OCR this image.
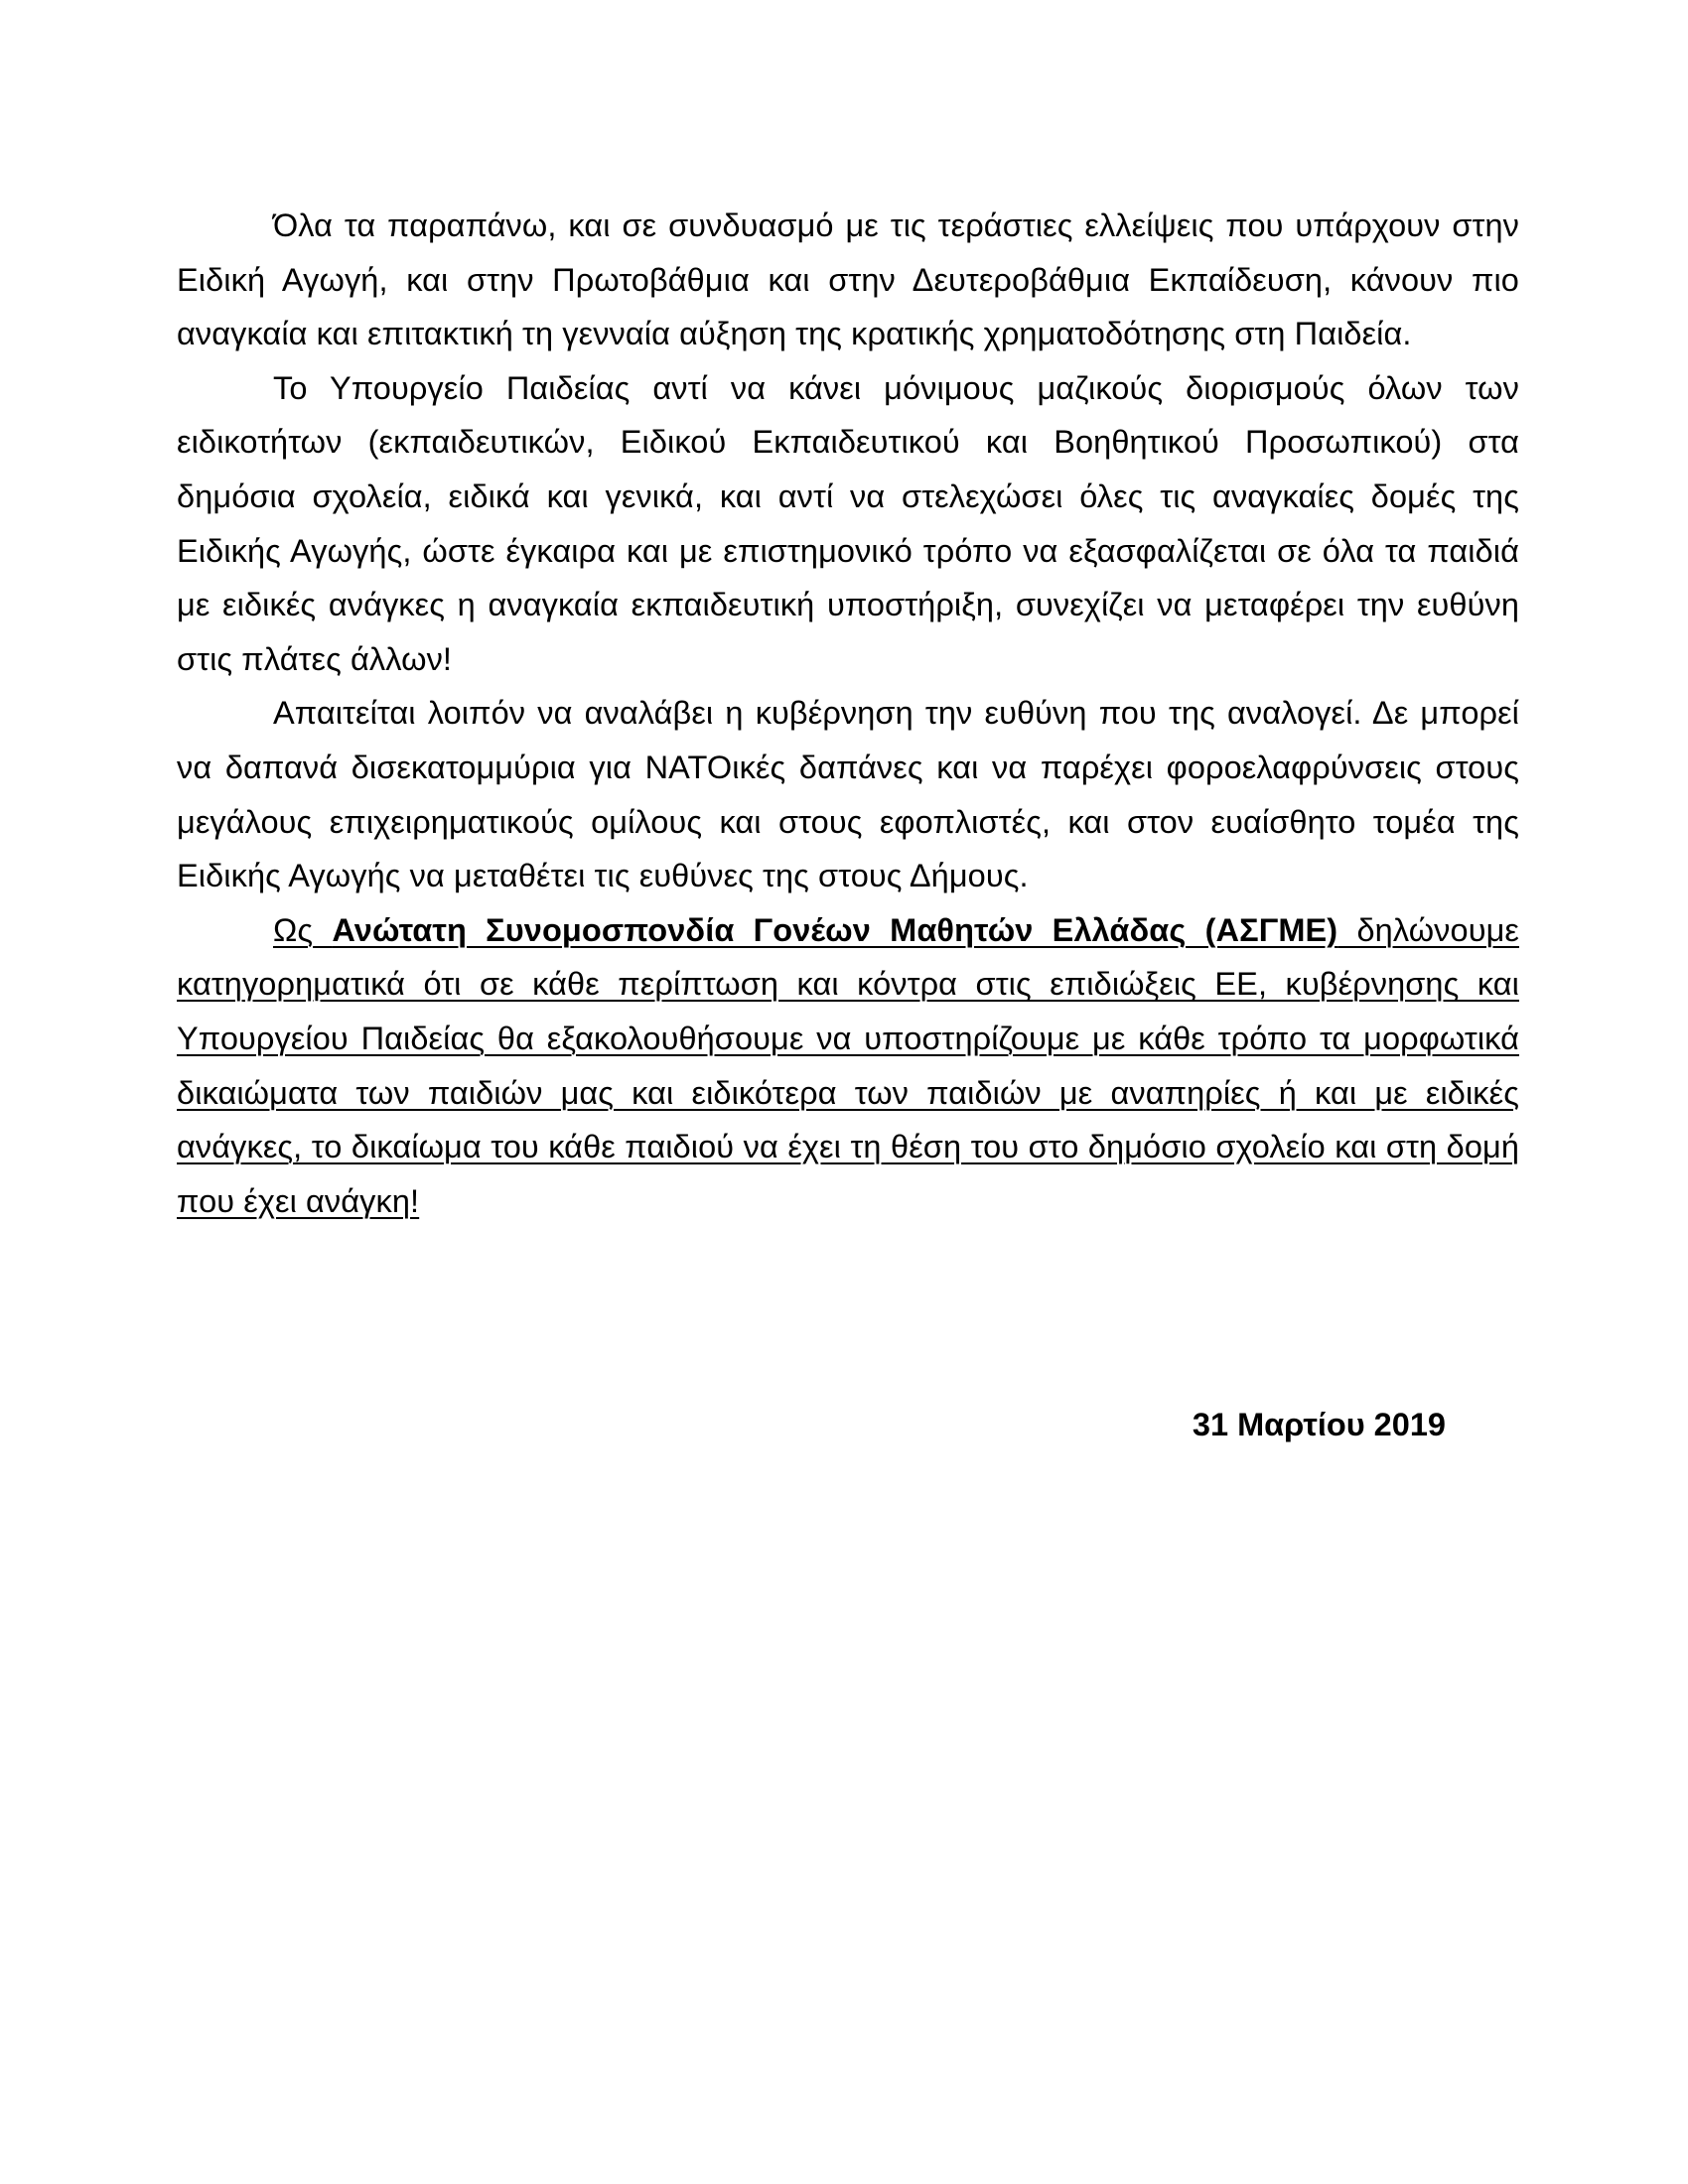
Όλα τα παραπάνω, και σε συνδυασμό με τις τεράστιες ελλείψεις που υπάρχουν στην Ειδική Αγωγή, και στην Πρωτοβάθμια και στην Δευτεροβάθμια Εκπαίδευση, κάνουν πιο αναγκαία και επιτακτική τη γενναία αύξηση της κρατικής χρηματοδότησης στη Παιδεία.

Το Υπουργείο Παιδείας αντί να κάνει μόνιμους μαζικούς διορισμούς όλων των ειδικοτήτων (εκπαιδευτικών, Ειδικού Εκπαιδευτικού και Βοηθητικού Προσωπικού) στα δημόσια σχολεία, ειδικά και γενικά, και αντί να στελεχώσει όλες τις αναγκαίες δομές της Ειδικής Αγωγής, ώστε έγκαιρα και με επιστημονικό τρόπο να εξασφαλίζεται σε όλα τα παιδιά με ειδικές ανάγκες η αναγκαία εκπαιδευτική υποστήριξη, συνεχίζει να μεταφέρει την ευθύνη στις πλάτες άλλων!

Απαιτείται λοιπόν να αναλάβει η κυβέρνηση την ευθύνη που της αναλογεί. Δε μπορεί να δαπανά δισεκατομμύρια για ΝΑΤΟικές δαπάνες και να παρέχει φοροελαφρύνσεις στους μεγάλους επιχειρηματικούς ομίλους και στους εφοπλιστές, και στον ευαίσθητο τομέα της Ειδικής Αγωγής να μεταθέτει τις ευθύνες της στους Δήμους.

Ως Ανώτατη Συνομοσπονδία Γονέων Μαθητών Ελλάδας (ΑΣΓΜΕ) δηλώνουμε κατηγορηματικά ότι σε κάθε περίπτωση και κόντρα στις επιδιώξεις ΕΕ, κυβέρνησης και Υπουργείου Παιδείας θα εξακολουθήσουμε να υποστηρίζουμε με κάθε τρόπο τα μορφωτικά δικαιώματα των παιδιών μας και ειδικότερα των παιδιών με αναπηρίες ή και με ειδικές ανάγκες, το δικαίωμα του κάθε παιδιού να έχει τη θέση του στο δημόσιο σχολείο και στη δομή που έχει ανάγκη!

31 Μαρτίου 2019
